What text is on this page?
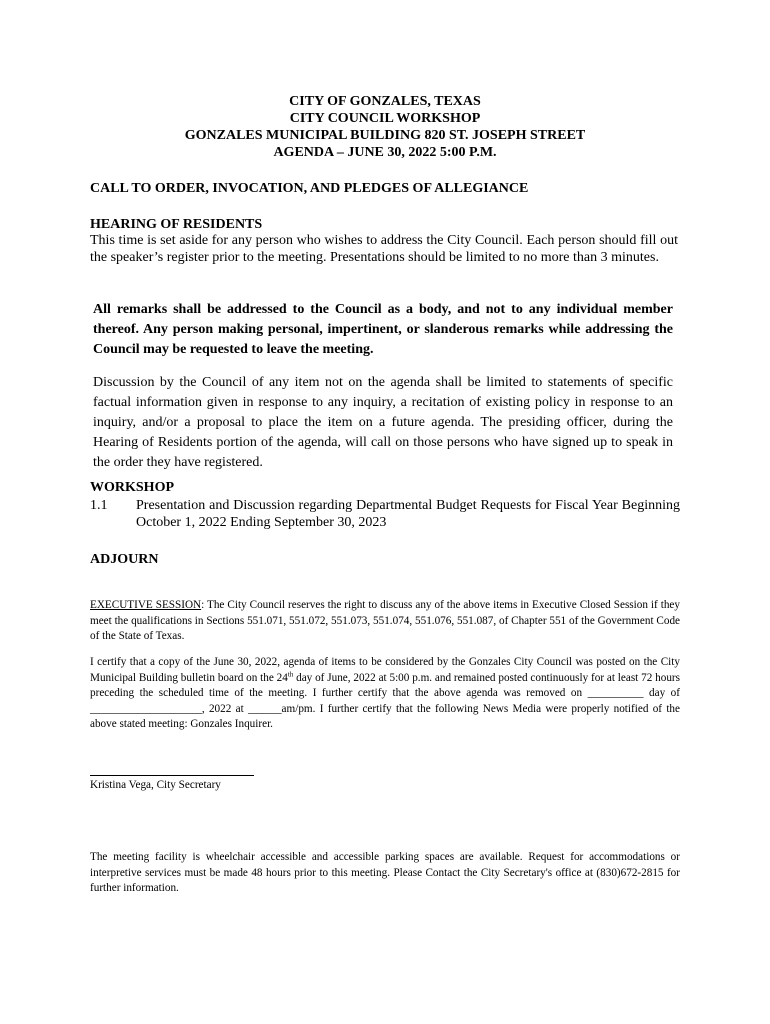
CITY OF GONZALES, TEXAS
CITY COUNCIL WORKSHOP
GONZALES MUNICIPAL BUILDING 820 ST. JOSEPH STREET
AGENDA – JUNE 30, 2022 5:00 P.M.
CALL TO ORDER, INVOCATION, AND PLEDGES OF ALLEGIANCE
HEARING OF RESIDENTS
This time is set aside for any person who wishes to address the City Council. Each person should fill out the speaker’s register prior to the meeting. Presentations should be limited to no more than 3 minutes.
All remarks shall be addressed to the Council as a body, and not to any individual member thereof. Any person making personal, impertinent, or slanderous remarks while addressing the Council may be requested to leave the meeting.
Discussion by the Council of any item not on the agenda shall be limited to statements of specific factual information given in response to any inquiry, a recitation of existing policy in response to an inquiry, and/or a proposal to place the item on a future agenda. The presiding officer, during the Hearing of Residents portion of the agenda, will call on those persons who have signed up to speak in the order they have registered.
WORKSHOP
1.1 Presentation and Discussion regarding Departmental Budget Requests for Fiscal Year Beginning October 1, 2022 Ending September 30, 2023
ADJOURN
EXECUTIVE SESSION: The City Council reserves the right to discuss any of the above items in Executive Closed Session if they meet the qualifications in Sections 551.071, 551.072, 551.073, 551.074, 551.076, 551.087, of Chapter 551 of the Government Code of the State of Texas.
I certify that a copy of the June 30, 2022, agenda of items to be considered by the Gonzales City Council was posted on the City Municipal Building bulletin board on the 24th day of June, 2022 at 5:00 p.m. and remained posted continuously for at least 72 hours preceding the scheduled time of the meeting. I further certify that the above agenda was removed on __________ day of ____________________, 2022 at ______am/pm. I further certify that the following News Media were properly notified of the above stated meeting: Gonzales Inquirer.
Kristina Vega, City Secretary
The meeting facility is wheelchair accessible and accessible parking spaces are available. Request for accommodations or interpretive services must be made 48 hours prior to this meeting. Please Contact the City Secretary's office at (830)672-2815 for further information.
